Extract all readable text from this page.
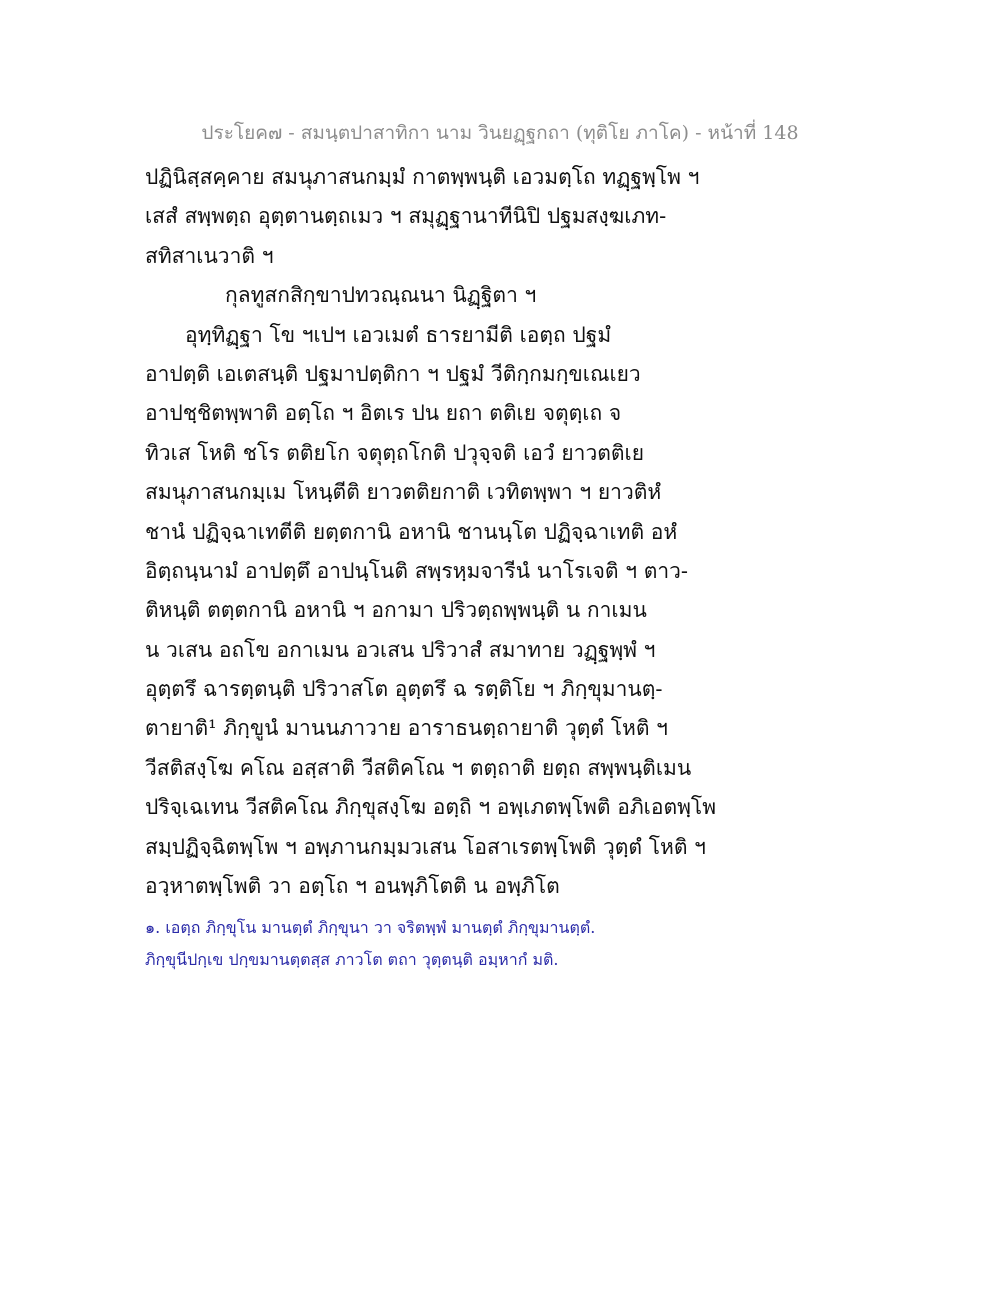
ประโยค๗ - สมนฺตปาสาทิกา นาม วินยฏฺฐกถา (ทุติโย ภาโค) - หน้าที่ 148
ปฏินิสฺสคฺคาย สมนุภาสนกมฺมํ กาตพฺพนฺติ เอวมตฺโถ ทฏฺฐพฺโพ ฯ
เสสํ สพฺพตฺถ อุตฺตานตฺถเมว ฯ สมุฏฺฐานาทีนิปิ ปฐมสงฺฆเภท-
สทิสาเนวาติ ฯ
กุลทูสกสิกฺขาปทวณฺณนา นิฏฺฐิตา ฯ
อุทฺทิฏฺฐา โข ฯเปฯ เอวเมตํ ธารยามีติ เอตฺถ ปฐมํ
อาปตฺติ เอเตสนฺติ ปฐมาปตฺติกา ฯ ปฐมํ วีติกฺกมกฺขเณเยว
อาปชฺชิตพฺพาติ อตฺโถ ฯ อิตเร ปน ยถา ตติเย จตุตฺเถ จ
ทิวเส โหติ ชโร ตติยโก จตุตฺถโกติ ปวุจฺจติ เอวํ ยาวตติเย
สมนุภาสนกมฺเม โหนฺตีติ ยาวตติยกาติ เวทิตพฺพา ฯ ยาวติหํ
ชานํ ปฏิจฺฉาเทตีติ ยตฺตกานิ อหานิ ชานนฺโต ปฏิจฺฉาเทติ อหํ
อิตฺถนฺนามํ อาปตฺตึ อาปนฺโนติ สพฺรหฺมจารีนํ นาโรเจติ ฯ ตาว-
ติหนฺติ ตตฺตกานิ อหานิ ฯ อกามา ปริวตฺถพฺพนฺติ น กาเมน
น วเสน อถโข อกาเมน อวเสน ปริวาสํ สมาทาย วฏฺฐพฺพํ ฯ
อุตฺตรึ ฉารตฺตนฺติ ปริวาสโต อุตฺตรึ ฉ รตฺติโย ฯ ภิกฺขุมานตฺ-
ตายาติ¹ ภิกฺขูนํ มานนภาวาย อาราธนตฺถายาติ วุตฺตํ โหติ ฯ
วีสติสงฺโฆ คโณ อสฺสาติ วีสติคโณ ฯ ตตฺถาติ ยตฺถ สพฺพนฺติเมน
ปริจฺเฉเทน วีสติคโณ ภิกฺขุสงฺโฆ อตฺถิ ฯ อพฺเภตพฺโพติ อภิเอตพฺโพ
สมฺปฏิจฺฉิตพฺโพ ฯ อพฺภานกมฺมวเสน โอสาเรตพฺโพติ วุตฺตํ โหติ ฯ
อวฺหาตพฺโพติ วา อตฺโถ ฯ อนพฺภิโตติ น อพฺภิโต
๑. เอตฺถ ภิกฺขุโน มานตฺตํ ภิกฺขุนา วา จริตพฺพํ มานตฺตํ ภิกฺขุมานตฺตํ.
ภิกฺขุนีปกฺเข ปกฺขมานตฺตสฺส ภาวโต ตถา วุตฺตนฺติ อมฺหากํ มติ.
